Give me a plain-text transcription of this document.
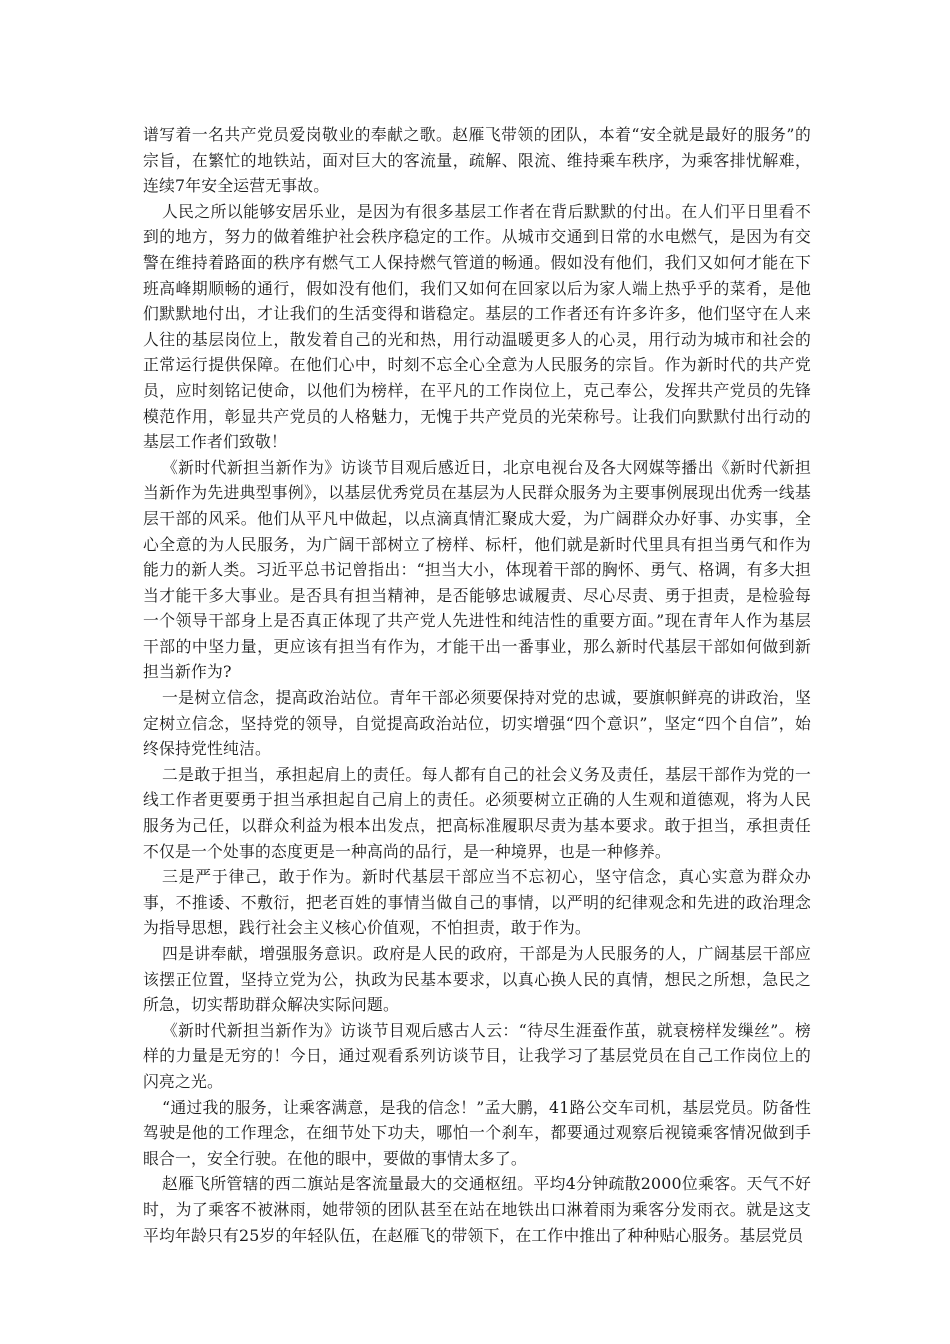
谱写着一名共产党员爱岗敬业的奉献之歌。赵雁飞带领的团队，本着“安全就是最好的服务”的宗旨，在繁忙的地铁站，面对巨大的客流量，疏解、限流、维持乘车秩序，为乘客排忧解难，连续7年安全运营无事故。

人民之所以能够安居乐业，是因为有很多基层工作者在背后默默的付出。在人们平日里看不到的地方，努力的做着维护社会秩序稳定的工作。从城市交通到日常的水电燃气，是因为有交警在维持着路面的秩序有燃气工人保持燃气管道的畅通。假如没有他们，我们又如何才能在下班高峰期顺畅的通行，假如没有他们，我们又如何在回家以后为家人端上热乎乎的菜肴，是他们默默地付出，才让我们的生活变得和谐稳定。基层的工作者还有许多许多，他们坚守在人来人往的基层岗位上，散发着自己的光和热，用行动温暖更多人的心灵，用行动为城市和社会的正常运行提供保障。在他们心中，时刻不忘全心全意为人民服务的宗旨。作为新时代的共产党员，应时刻铭记使命，以他们为榜样，在平凡的工作岗位上，克己奉公，发挥共产党员的先锋模范作用，彰显共产党员的人格魅力，无愧于共产党员的光荣称号。让我们向默默付出行动的基层工作者们致敬！

《新时代新担当新作为》访谈节目观后感近日，北京电视台及各大网媒等播出《新时代新担当新作为先进典型事例》，以基层优秀党员在基层为人民群众服务为主要事例展现出优秀一线基层干部的风采。他们从平凡中做起，以点滴真情汇聚成大爱，为广阔群众办好事、办实事，全心全意的为人民服务，为广阔干部树立了榜样、标杆，他们就是新时代里具有担当勇气和作为能力的新人类。习近平总书记曾指出：“担当大小，体现着干部的胸怀、勇气、格调，有多大担当才能干多大事业。是否具有担当精神，是否能够忠诚履责、尽心尽责、勇于担责，是检验每一个领导干部身上是否真正体现了共产党人先进性和纯洁性的重要方面。”现在青年人作为基层干部的中坚力量，更应该有担当有作为，才能干出一番事业，那么新时代基层干部如何做到新担当新作为?

一是树立信念，提高政治站位。青年干部必须要保持对党的忠诚，要旗帜鲜亮的讲政治，坚定树立信念，坚持党的领导，自觉提高政治站位，切实增强“四个意识”，坚定“四个自信”，始终保持党性纯洁。

二是敢于担当，承担起肩上的责任。每人都有自己的社会义务及责任，基层干部作为党的一线工作者更要勇于担当承担起自己肩上的责任。必须要树立正确的人生观和道德观，将为人民服务为己任，以群众利益为根本出发点，把高标准履职尽责为基本要求。敢于担当，承担责任不仅是一个处事的态度更是一种高尚的品行，是一种境界，也是一种修养。

三是严于律己，敢于作为。新时代基层干部应当不忘初心，坚守信念，真心实意为群众办事，不推诿、不敷衍，把老百姓的事情当做自己的事情，以严明的纪律观念和先进的政治理念为指导思想，践行社会主义核心价值观，不怕担责，敢于作为。

四是讲奉献，增强服务意识。政府是人民的政府，干部是为人民服务的人，广阔基层干部应该摆正位置，坚持立党为公，执政为民基本要求，以真心换人民的真情，想民之所想，急民之所急，切实帮助群众解决实际问题。

《新时代新担当新作为》访谈节目观后感古人云：“待尽生涯蚕作茧，就衰榜样发缫丝”。榜样的力量是无穷的！今日，通过观看系列访谈节目，让我学习了基层党员在自己工作岗位上的闪亮之光。

“通过我的服务，让乘客满意，是我的信念！”孟大鹏，41路公交车司机，基层党员。防备性驾驶是他的工作理念，在细节处下功夫，哪怕一个刹车，都要通过观察后视镜乘客情况做到手眼合一，安全行驶。在他的眼中，要做的事情太多了。

赵雁飞所管辖的西二旗站是客流量最大的交通枢纽。平均4分钟疏散2000位乘客。天气不好时，为了乘客不被淋雨，她带领的团队甚至在站在地铁出口淋着雨为乘客分发雨衣。就是这支平均年龄只有25岁的年轻队伍，在赵雁飞的带领下，在工作中推出了种种贴心服务。基层党员
